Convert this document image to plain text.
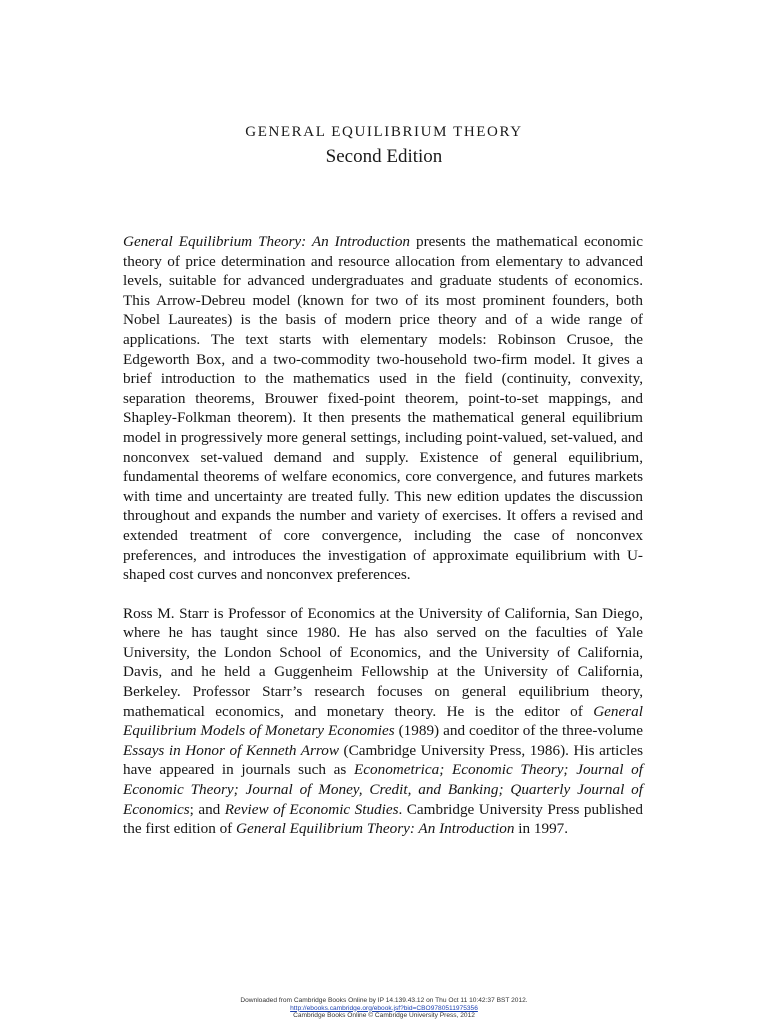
GENERAL EQUILIBRIUM THEORY
Second Edition

General Equilibrium Theory: An Introduction presents the mathematical economic theory of price determination and resource allocation from elementary to advanced levels, suitable for advanced undergraduates and graduate students of economics. This Arrow-Debreu model (known for two of its most prominent founders, both Nobel Laureates) is the basis of modern price theory and of a wide range of applications. The text starts with elementary models: Robinson Crusoe, the Edgeworth Box, and a two-commodity two-household two-firm model. It gives a brief introduction to the mathematics used in the field (continuity, convexity, separation theorems, Brouwer fixed-point theorem, point-to-set mappings, and Shapley-Folkman theorem). It then presents the mathematical general equilibrium model in progressively more general settings, including point-valued, set-valued, and nonconvex set-valued demand and supply. Existence of general equilibrium, fundamental theorems of welfare economics, core convergence, and futures markets with time and uncertainty are treated fully. This new edition updates the discussion throughout and expands the number and variety of exercises. It offers a revised and extended treatment of core convergence, including the case of nonconvex preferences, and introduces the investigation of approximate equilibrium with U-shaped cost curves and nonconvex preferences.

Ross M. Starr is Professor of Economics at the University of California, San Diego, where he has taught since 1980. He has also served on the faculties of Yale University, the London School of Economics, and the University of California, Davis, and he held a Guggenheim Fellowship at the University of California, Berkeley. Professor Starr’s research focuses on general equilibrium theory, mathematical economics, and monetary theory. He is the editor of General Equilibrium Models of Monetary Economies (1989) and coeditor of the three-volume Essays in Honor of Kenneth Arrow (Cambridge University Press, 1986). His articles have appeared in journals such as Econometrica; Economic Theory; Journal of Economic Theory; Journal of Money, Credit, and Banking; Quarterly Journal of Economics; and Review of Economic Studies. Cambridge University Press published the first edition of General Equilibrium Theory: An Introduction in 1997.

Downloaded from Cambridge Books Online by IP 14.139.43.12 on Thu Oct 11 10:42:37 BST 2012.
http://ebooks.cambridge.org/ebook.jsf?bid=CBO9780511975356
Cambridge Books Online © Cambridge University Press, 2012
